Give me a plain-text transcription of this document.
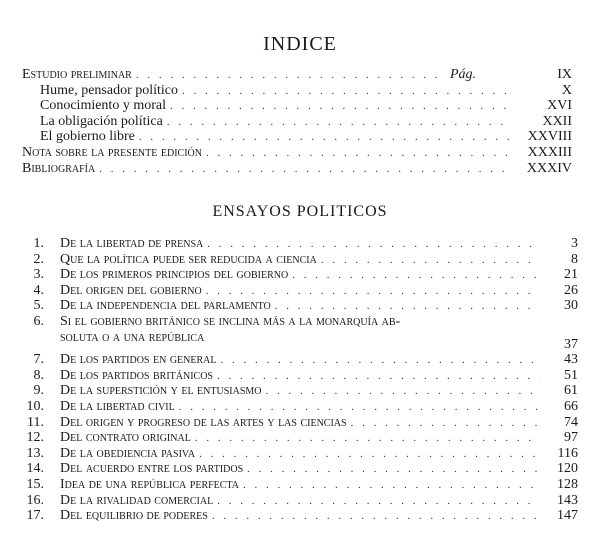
INDICE
Estudio preliminar . . .	Pág.	IX
Hume, pensador político . . .	X
Conocimiento y moral . . .	XVI
La obligación política . . .	XXII
El gobierno libre . . .	XXVIII
Nota sobre la presente edición . . .	XXXIII
Bibliografía . . .	XXXIV
ENSAYOS POLITICOS
1. De la libertad de prensa . . .	3
2. Que la política puede ser reducida a ciencia . . .	8
3. De los primeros principios del gobierno . . .	21
4. Del origen del gobierno . . .	26
5. De la independencia del parlamento . . .	30
6. Si el gobierno británico se inclina más a la monarquía ab-
soluta o a una república	37
7. De los partidos en general . . .	43
8. De los partidos británicos . . .	51
9. De la superstición y el entusiasmo . . .	61
10. De la libertad civil . . .	66
11. Del origen y progreso de las artes y las ciencias . . .	74
12. Del contrato original . . .	97
13. De la obediencia pasiva . . .	116
14. Del acuerdo entre los partidos . . .	120
15. Idea de una república perfecta . . .	128
16. De la rivalidad comercial . . .	143
17. Del equilibrio de poderes . . .	147
